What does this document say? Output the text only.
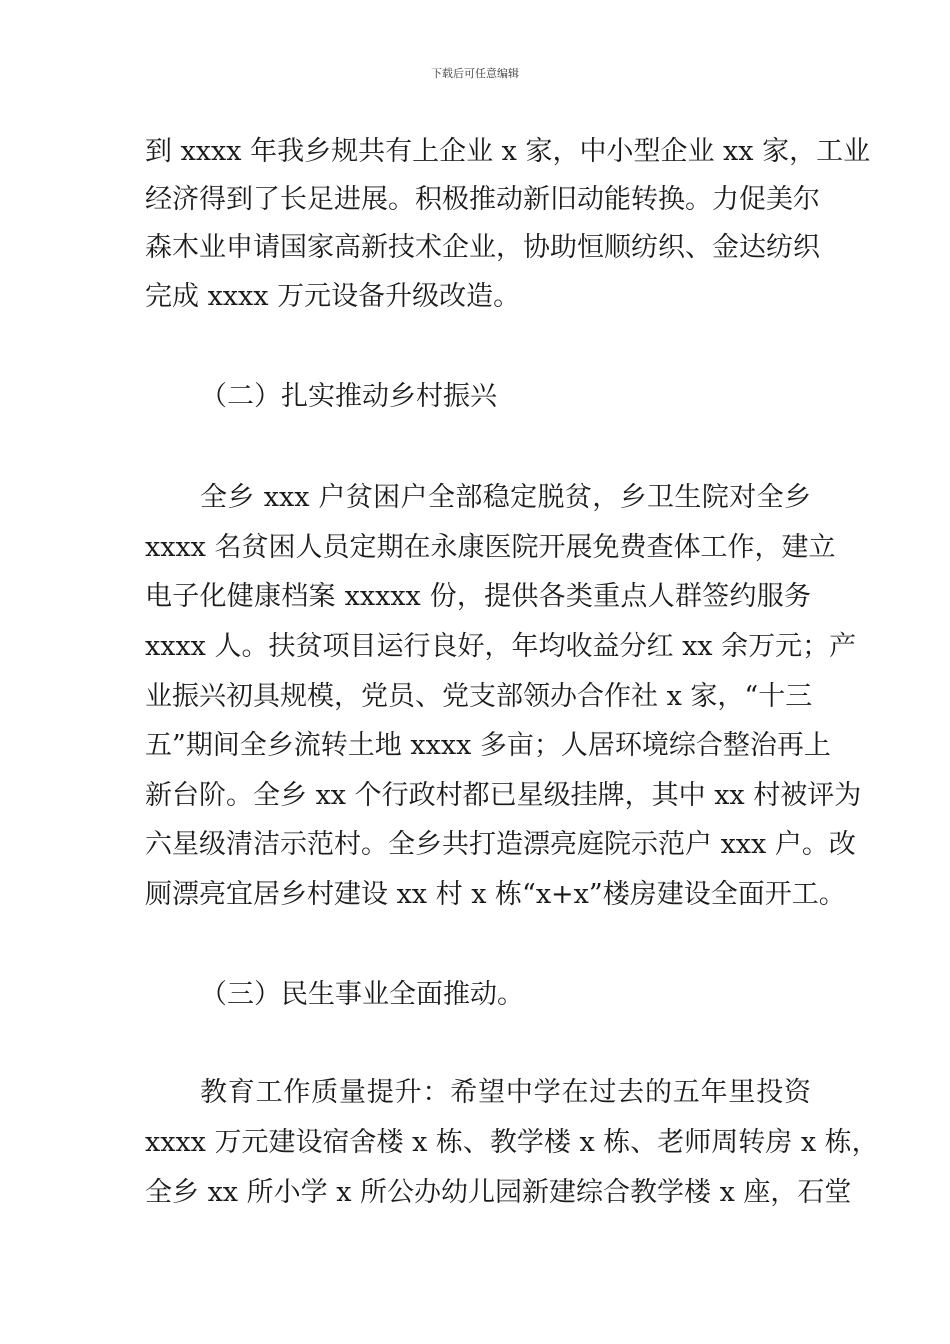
下载后可任意编辑
到 xxxx 年我乡规共有上企业 x 家，中小型企业 xx 家，工业
经济得到了长足进展。积极推动新旧动能转换。力促美尔
森木业申请国家高新技术企业，协助恒顺纺织、金达纺织
完成 xxxx 万元设备升级改造。
（二）扎实推动乡村振兴
全乡 xxx 户贫困户全部稳定脱贫，乡卫生院对全乡
xxxx 名贫困人员定期在永康医院开展免费查体工作，建立
电子化健康档案 xxxxx 份，提供各类重点人群签约服务
xxxx 人。扶贫项目运行良好，年均收益分红 xx 余万元；产
业振兴初具规模，党员、党支部领办合作社 x 家，“十三
五”期间全乡流转土地 xxxx 多亩；人居环境综合整治再上
新台阶。全乡 xx 个行政村都已星级挂牌，其中 xx 村被评为
六星级清洁示范村。全乡共打造漂亮庭院示范户 xxx 户。改
厕漂亮宜居乡村建设 xx 村 x 栋“x+x”楼房建设全面开工。
（三）民生事业全面推动。
教育工作质量提升：希望中学在过去的五年里投资
xxxx 万元建设宿舍楼 x 栋、教学楼 x 栋、老师周转房 x 栋，
全乡 xx 所小学 x 所公办幼儿园新建综合教学楼 x 座，石堂
